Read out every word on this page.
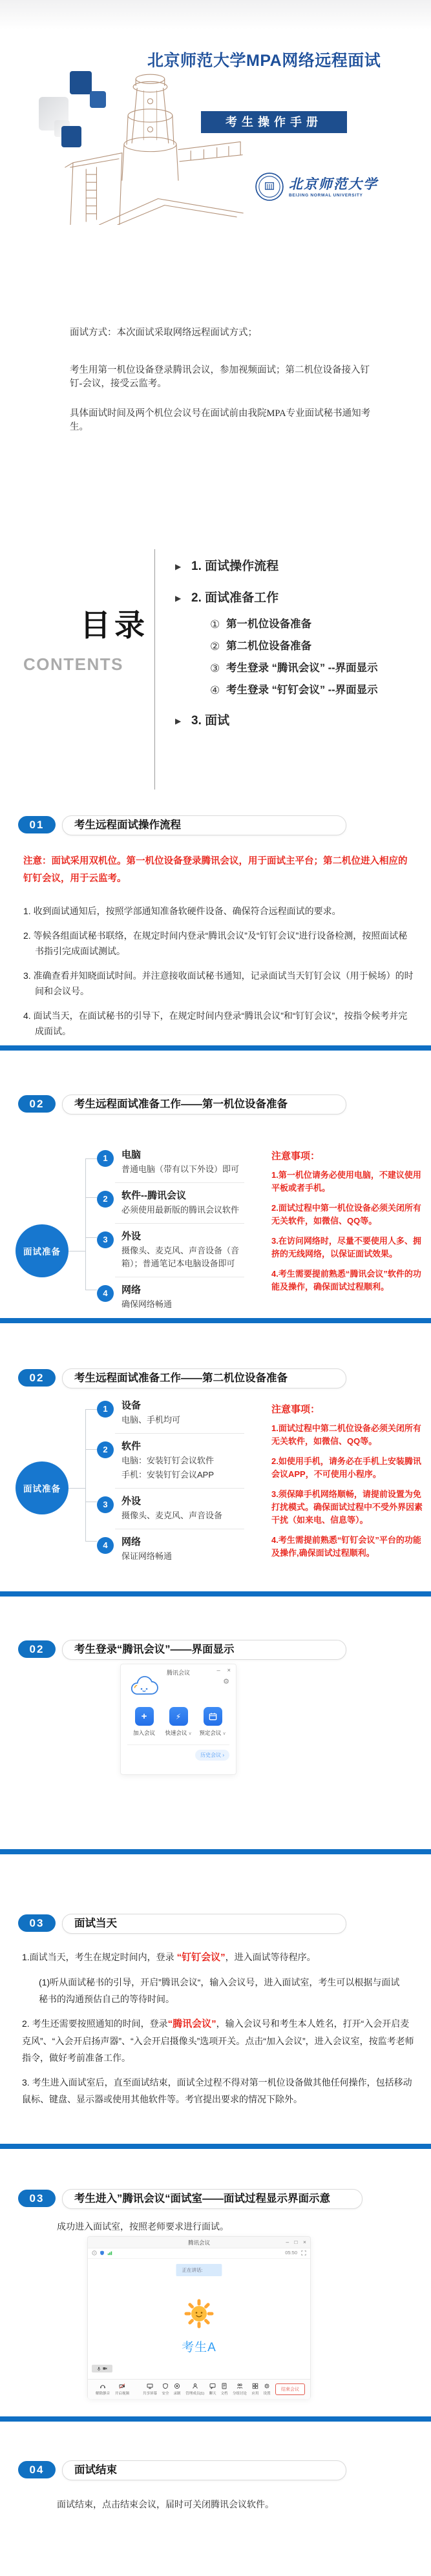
北京师范大学MPA网络远程面试
考生操作手册
北京师范大学
BEIJING NORMAL UNIVERSITY

面试方式：本次面试采取网络远程面试方式；

考生用第一机位设备登录腾讯会议，参加视频面试；第二机位设备接入钉钉-会议，接受云监考。

具体面试时间及两个机位会议号在面试前由我院MPA专业面试秘书通知考生。

目录
CONTENTS
▶ 1. 面试操作流程
▶ 2. 面试准备工作
① 第一机位设备准备
② 第二机位设备准备
③ 考生登录 “腾讯会议” --界面显示
④ 考生登录 “钉钉会议” --界面显示
▶ 3. 面试
01	考生远程面试操作流程
注意：面试采用双机位。第一机位设备登录腾讯会议，用于面试主平台；第二机位进入相应的钉钉会议，用于云监考。

1. 收到面试通知后，按照学部通知准备软硬件设备、确保符合远程面试的要求。

2. 等候各组面试秘书联络，在规定时间内登录“腾讯会议”及“钉钉会议”进行设备检测，按照面试秘书指引完成面试测试。

3. 准确查看并知晓面试时间。并注意接收面试秘书通知，记录面试当天钉钉会议（用于候场）的时间和会议号。

4. 面试当天，在面试秘书的引导下，在规定时间内登录“腾讯会议”和“钉钉会议”，按指令候考并完成面试。

02	考生远程面试准备工作——第一机位设备准备
面试准备
1	电脑
普通电脑（带有以下外设）即可
2	软件--腾讯会议
必须使用最新版的腾讯会议软件
3	外设
摄像头、麦克风、声音设备（音箱）；普通笔记本电脑设备即可
4	网络
确保网络畅通
注意事项：
1.第一机位请务必使用电脑，不建议使用平板或者手机。
2.面试过程中第一机位设备必须关闭所有无关软件，如微信、QQ等。
3.在访问网络时，尽量不要使用人多、拥挤的无线网络，以保证面试效果。
4.考生需要提前熟悉“腾讯会议”软件的功能及操作，确保面试过程顺利。
02	考生远程面试准备工作——第二机位设备准备
面试准备
1	设备
电脑、手机均可
2	软件
电脑：安装钉钉会议软件
手机：安装钉钉会议APP
3	外设
摄像头、麦克风、声音设备
4	网络
保证网络畅通
注意事项：
1.面试过程中第二机位设备必须关闭所有无关软件，如微信、QQ等。
2.如使用手机，请务必在手机上安装腾讯会议APP，不可使用小程序。
3.须保障手机网络顺畅，请提前设置为免打扰模式。确保面试过程中不受外界因素干扰（如来电、信息等）。
4.考生需提前熟悉“钉钉会议”平台的功能及操作,确保面试过程顺利。
02	考生登录“腾讯会议”——界面显示
腾讯会议	– ×
⚙
+
加入会议
⚡
快速会议 ∨ 预定会议 ∨
历史会议 ›
03	面试当天

1.面试当天，考生在规定时间内，登录 “钉钉会议”，进入面试等待程序。

(1)听从面试秘书的引导，开启”腾讯会议“，输入会议号，进入面试室，考生可以根据与面试秘书的沟通预估自己的等待时间。

2. 考生还需要按照通知的时间，登录“腾讯会议”，输入会议号和考生本人姓名，打开“入会开启麦克风”、“入会开启扬声器”、“入会开启摄像头”选项开关。点击“加入会议”，进入会议室，按监考老师指令，做好考前准备工作。

3. 考生进入面试室后，直至面试结束，面试全过程不得对第一机位设备做其他任何操作，包括移动鼠标、键盘、显示器或使用其他软件等。考官提出要求的情况下除外。

03	考生进入”腾讯会议“面试室——面试过程显示界面示意
成功进入面试室，按照老师要求进行面试。
腾讯会议	– □ ×
05:50
正在讲话:
考生A
解除静音 开启视频	共享屏幕 安全 录制 管理成员(1) 聊天 文档 分组讨论 应用 设置
结束会议
04	面试结束
面试结束，点击结束会议，届时可关闭腾讯会议软件。
